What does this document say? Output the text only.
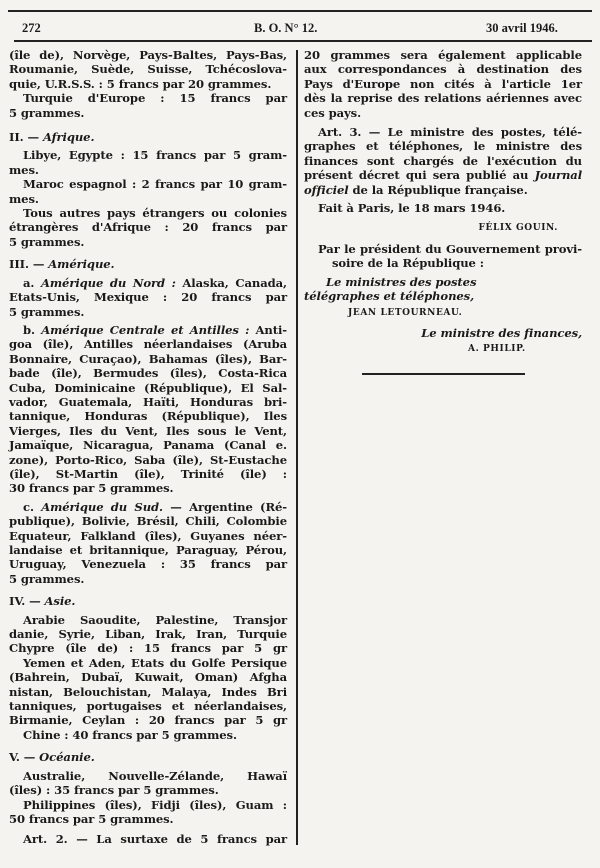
272	B. O. N° 12.	30 avril 1946.

(île de), Norvège, Pays-Baltes, Pays-Bas,
Roumanie, Suède, Suisse, Tchécoslova-
quie, U.R.S.S. : 5 francs par 20 grammes.

Turquie d'Europe : 15 francs par
5 grammes.

II. — Afrique.

Libye, Egypte : 15 francs par 5 gram-
mes.

Maroc espagnol : 2 francs par 10 gram-
mes.

Tous autres pays étrangers ou colonies
étrangères d'Afrique : 20 francs par
5 grammes.

III. — Amérique.

a. Amérique du Nord : Alaska, Canada,
Etats-Unis, Mexique : 20 francs par
5 grammes.

b. Amérique Centrale et Antilles : Anti-
goa (île), Antilles néerlandaises (Aruba
Bonnaire, Curaçao), Bahamas (îles), Bar-
bade (île), Bermudes (îles), Costa-Rica
Cuba, Dominicaine (République), El Sal-
vador, Guatemala, Haïti, Honduras bri-
tannique, Honduras (République), Iles
Vierges, Iles du Vent, Iles sous le Vent,
Jamaïque, Nicaragua, Panama (Canal e.
zone), Porto-Rico, Saba (île), St-Eustache
(île), St-Martin (île), Trinité (île) :
30 francs par 5 grammes.

c. Amérique du Sud. — Argentine (Ré-
publique), Bolivie, Brésil, Chili, Colombie
Equateur, Falkland (îles), Guyanes néer-
landaise et britannique, Paraguay, Pérou,
Uruguay, Venezuela : 35 francs par
5 grammes.

IV. — Asie.

Arabie Saoudite, Palestine, Transjor
danie, Syrie, Liban, Irak, Iran, Turquie
Chypre (île de) : 15 francs par 5 gr

Yemen et Aden, Etats du Golfe Persique
(Bahrein, Dubaï, Kuwait, Oman) Afgha
nistan, Belouchistan, Malaya, Indes Bri
tanniques, portugaises et néerlandaises,
Birmanie, Ceylan : 20 francs par 5 gr

Chine : 40 francs par 5 grammes.

V. — Océanie.

Australie, Nouvelle-Zélande, Hawaï
(îles) : 35 francs par 5 grammes.

Philippines (îles), Fidji (îles), Guam :
50 francs par 5 grammes.

Art. 2. — La surtaxe de 5 francs par

20 grammes sera également applicable
aux correspondances à destination des
Pays d'Europe non cités à l'article 1er
dès la reprise des relations aériennes avec
ces pays.

Art. 3. — Le ministre des postes, télé-
graphes et téléphones, le ministre des
finances sont chargés de l'exécution du
présent décret qui sera publié au Journal
officiel de la République française.

Fait à Paris, le 18 mars 1946.

FÉLIX GOUIN.

Par le président du Gouvernement provi-
soire de la République :

Le ministres des postes

télégraphes et téléphones,

JEAN LETOURNEAU.

Le ministre des finances,

A. PHILIP.
